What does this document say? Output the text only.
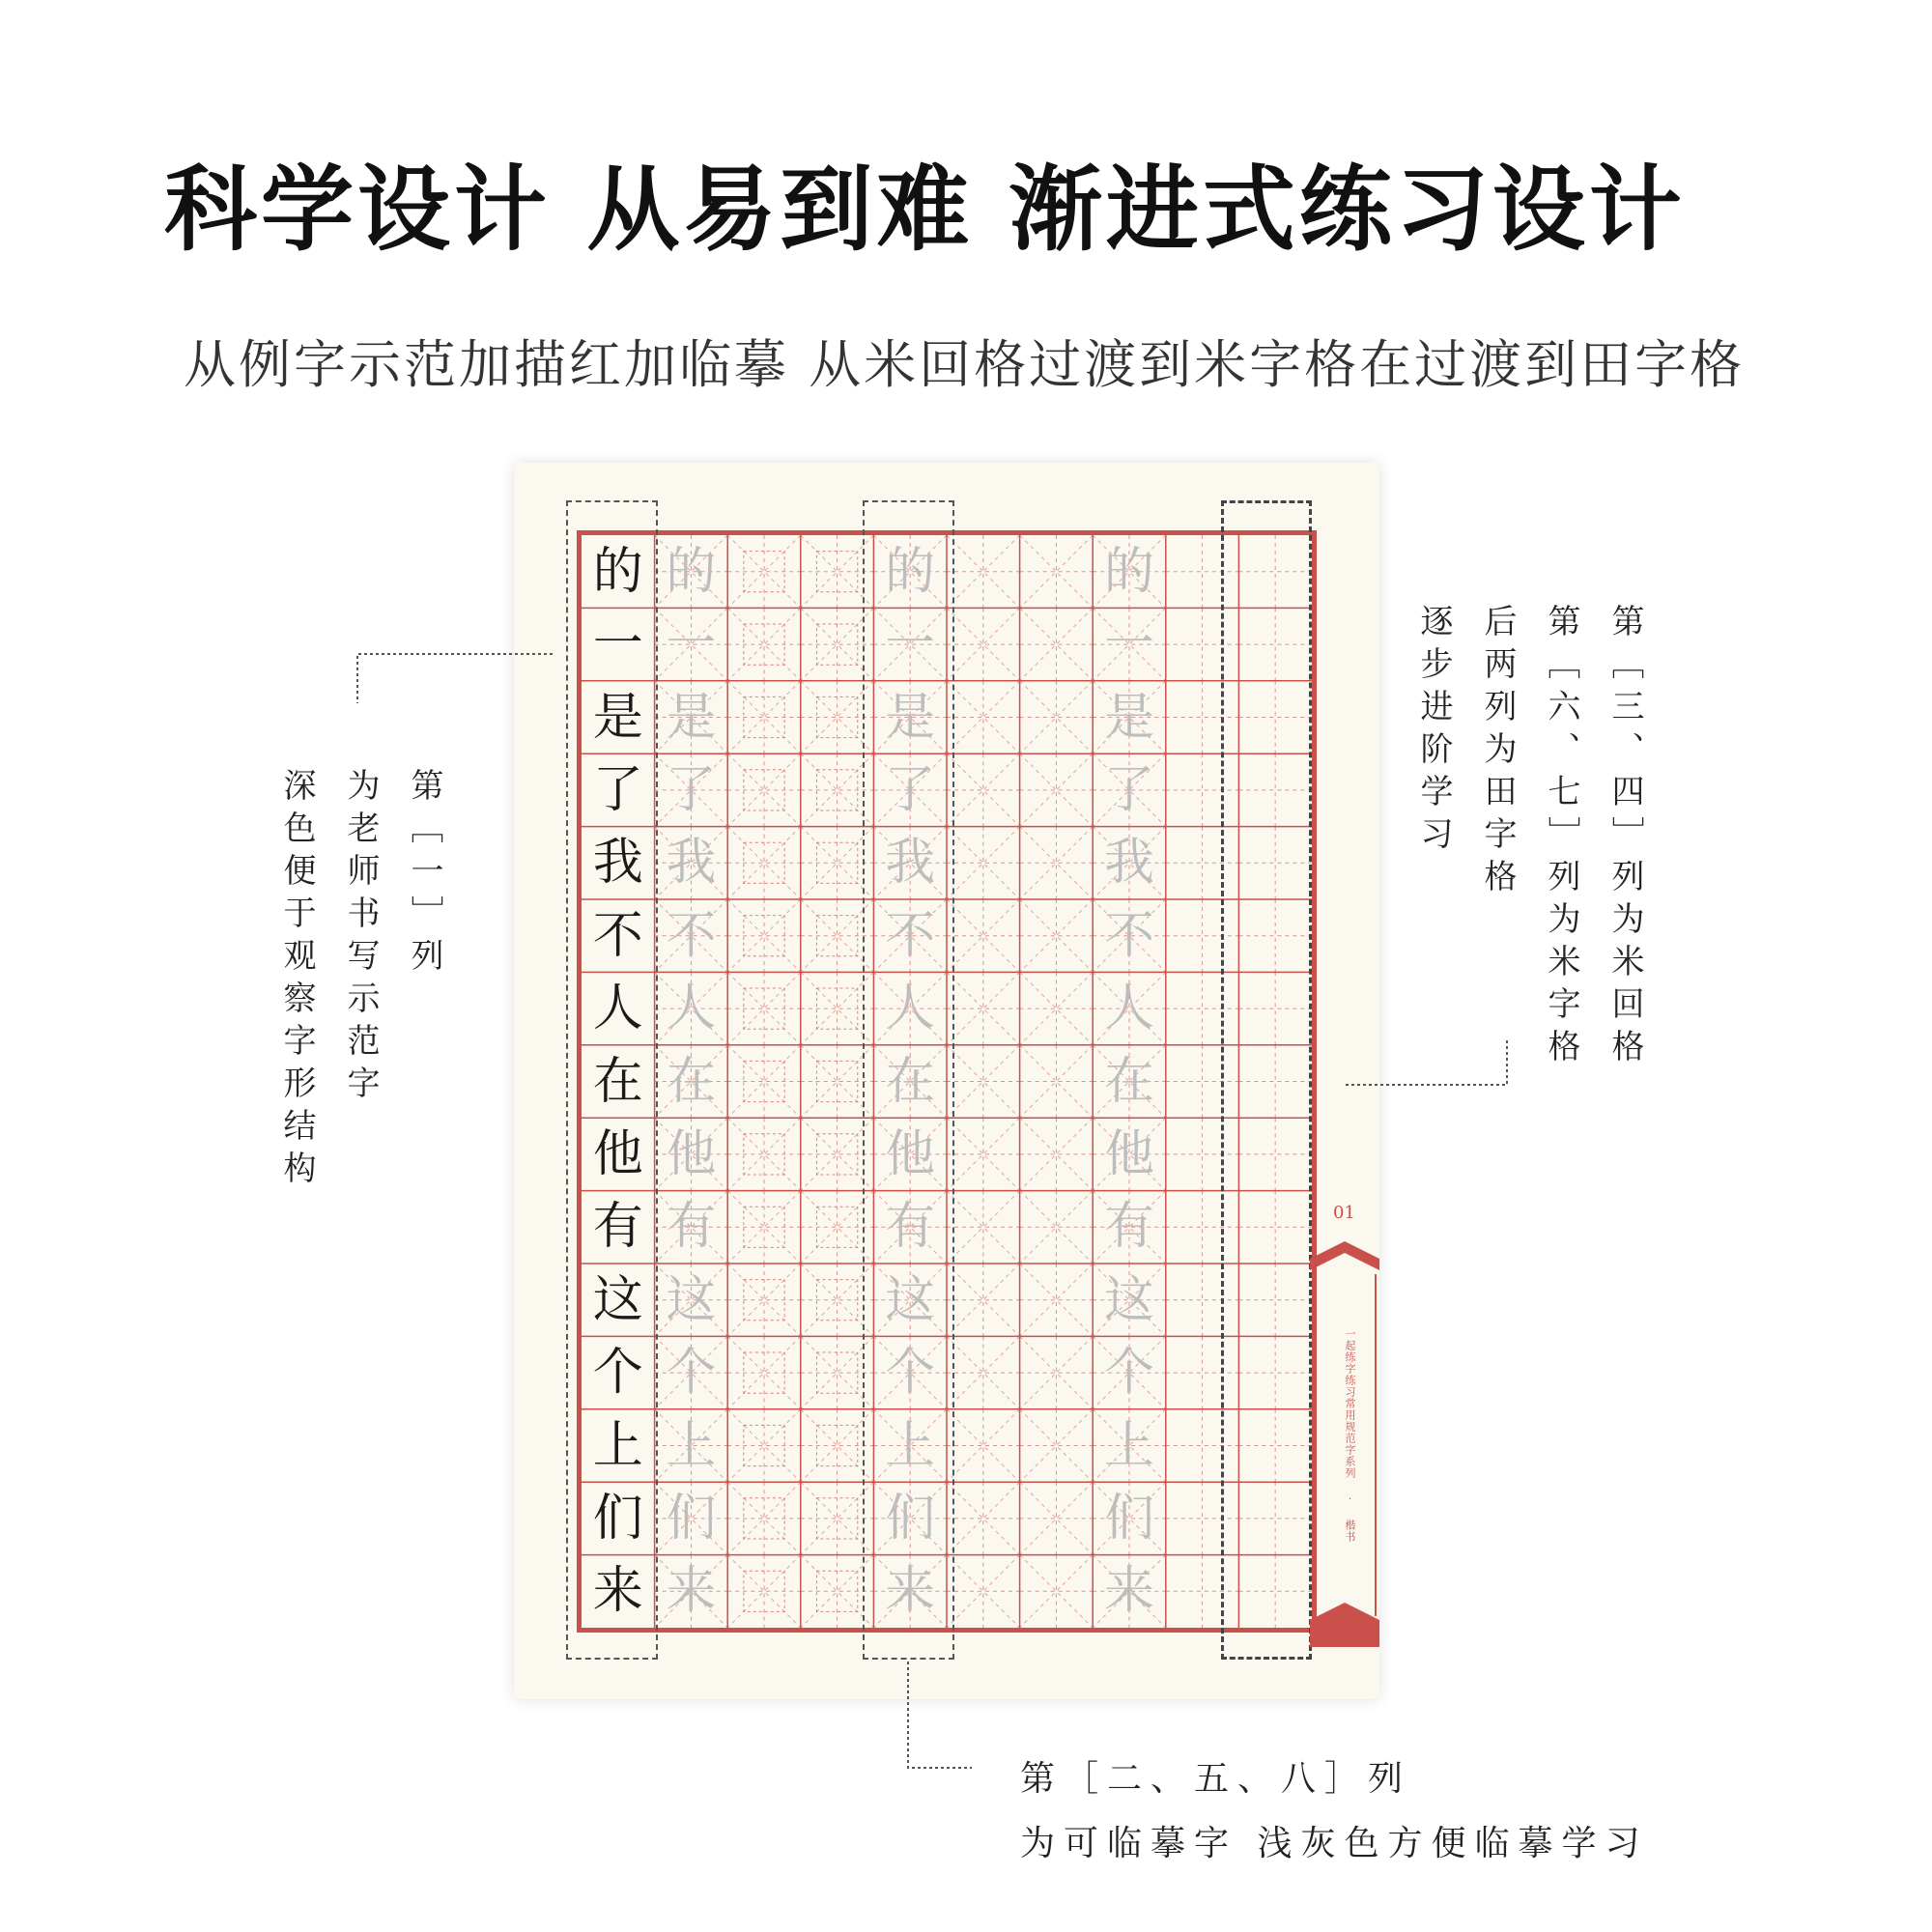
科学设计 从易到难 渐进式练习设计

从例字示范加描红加临摹 从米回格过渡到米字格在过渡到田字格

的
一
是
了
我
不
人
在
他
有
这
个
上
们
来
的
一
是
了
我
不
人
在
他
有
这
个
上
们
来
的
一
是
了
我
不
人
在
他
有
这
个
上
们
来
的
一
是
了
我
不
人
在
他
有
这
个
上
们
来
01
一起练字练习常用规范字系列 · 楷书
第［一］列
为老师书写示范字
深色便于观察字形结构	第［三、四］列为米回格
第［六、七］列为米字格
后两列为田字格
逐步进阶学习
第［二、五、八］列
为可临摹字 浅灰色方便临摹学习
